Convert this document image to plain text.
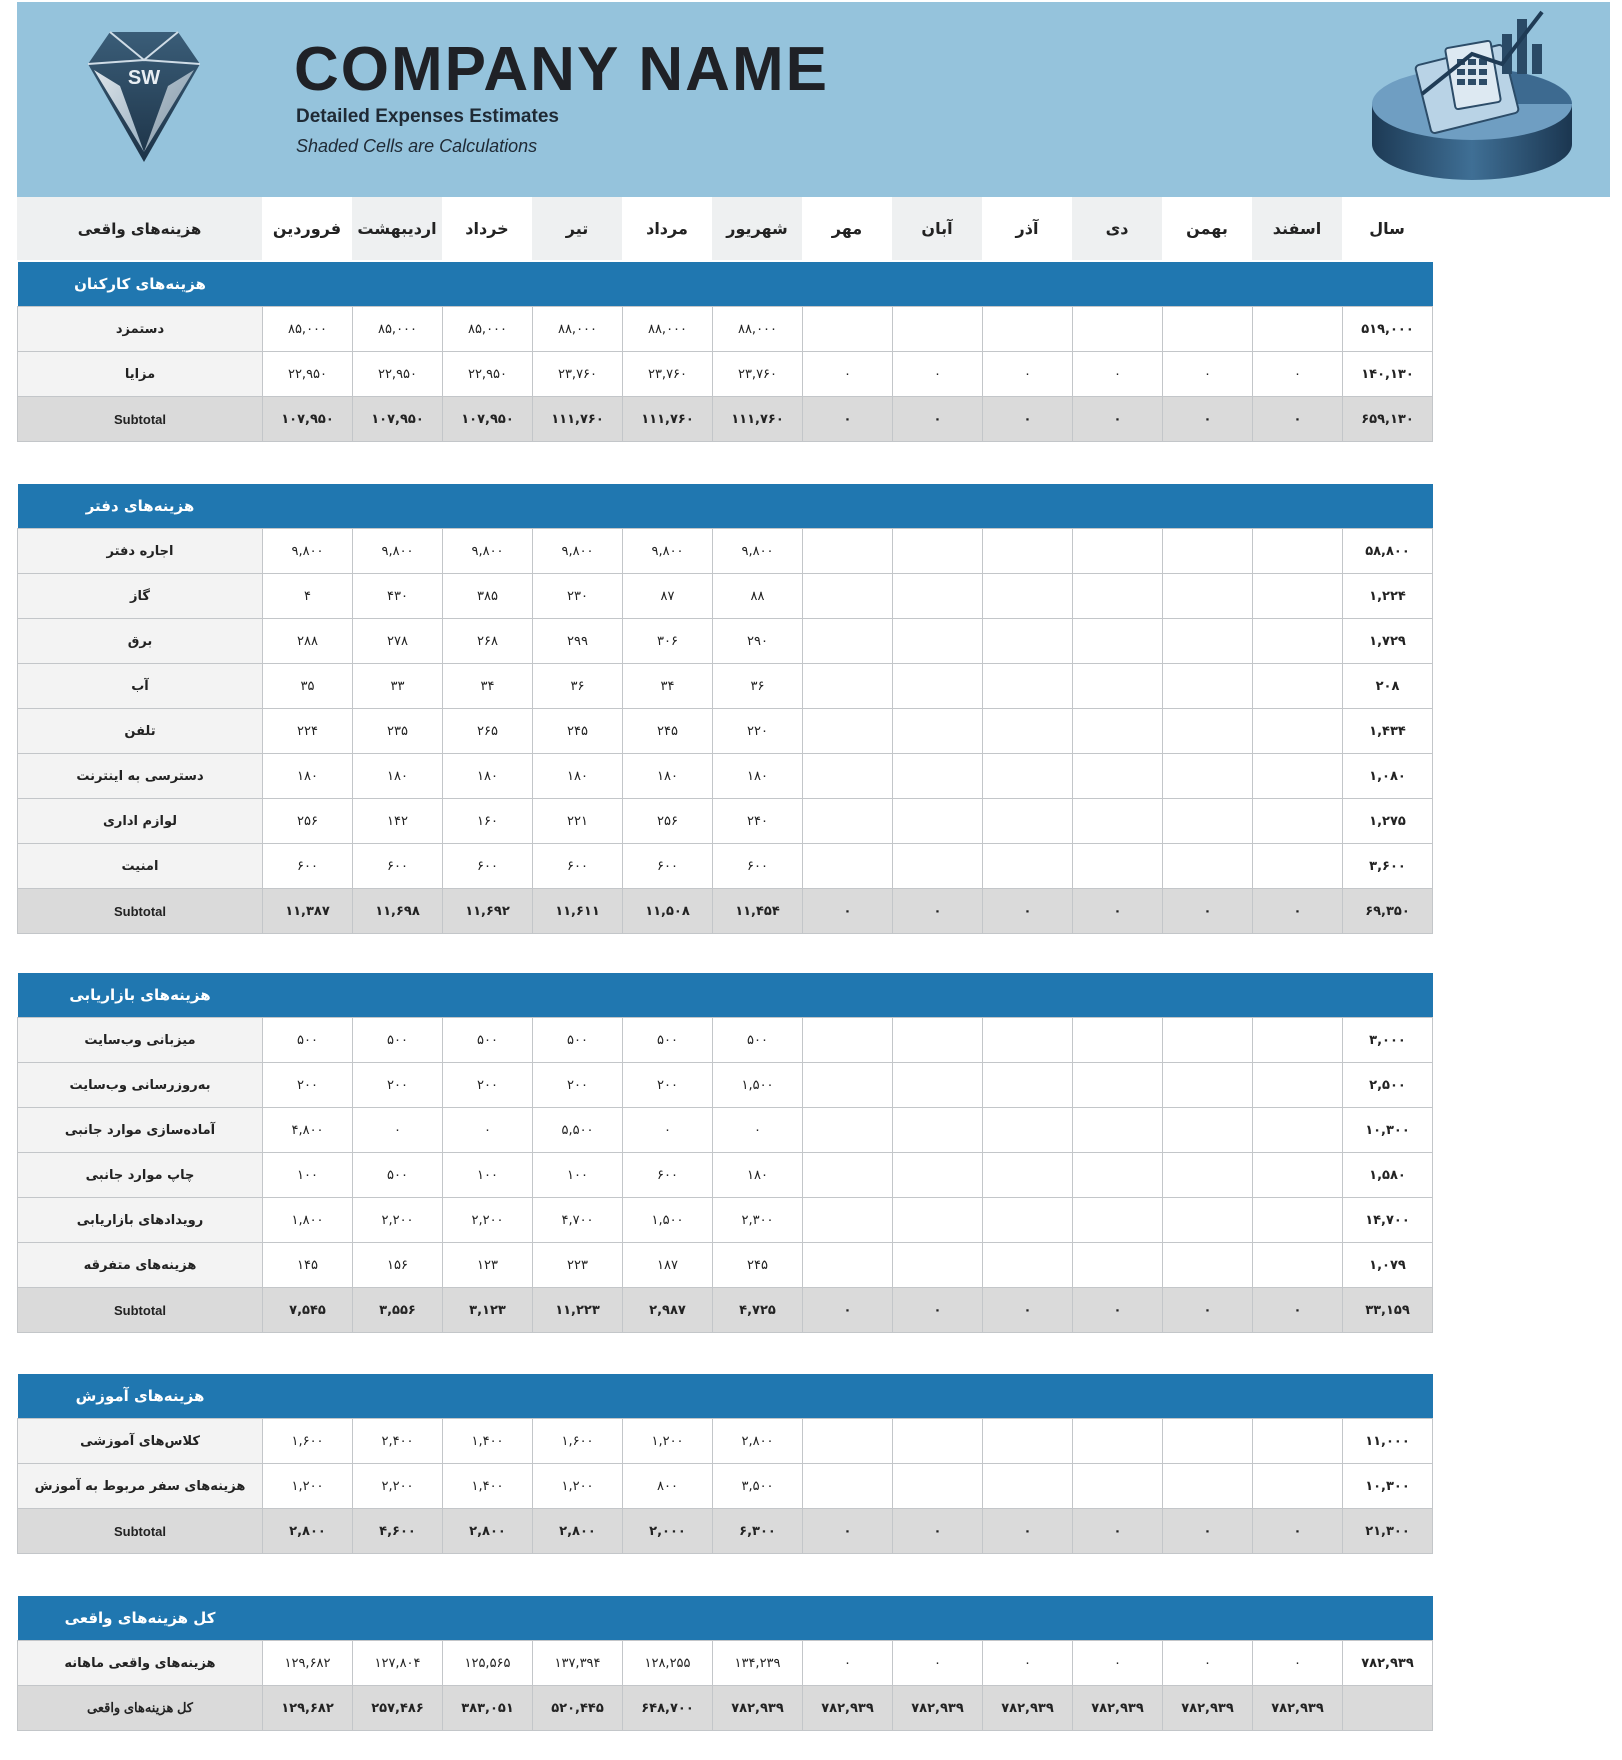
SW COMPANY NAME
Detailed Expenses Estimates
Shaded Cells are Calculations
سال	اسفند	بهمن	دی	آذر	آبان	مهر	شهریور	مرداد	تیر	خرداد	اردیبهشت	فروردین	هزینه‌های واقعی
													هزینه‌های کارکنان
۵۱۹,۰۰۰							۸۸,۰۰۰	۸۸,۰۰۰	۸۸,۰۰۰	۸۵,۰۰۰	۸۵,۰۰۰	۸۵,۰۰۰	دستمزد
۱۴۰,۱۳۰	۰	۰	۰	۰	۰	۰	۲۳,۷۶۰	۲۳,۷۶۰	۲۳,۷۶۰	۲۲,۹۵۰	۲۲,۹۵۰	۲۲,۹۵۰	مزایا
۶۵۹,۱۳۰	۰	۰	۰	۰	۰	۰	۱۱۱,۷۶۰	۱۱۱,۷۶۰	۱۱۱,۷۶۰	۱۰۷,۹۵۰	۱۰۷,۹۵۰	۱۰۷,۹۵۰	Subtotal
													هزینه‌های دفتر
۵۸,۸۰۰							۹,۸۰۰	۹,۸۰۰	۹,۸۰۰	۹,۸۰۰	۹,۸۰۰	۹,۸۰۰	اجاره دفتر
۱,۲۲۴							۸۸	۸۷	۲۳۰	۳۸۵	۴۳۰	۴	گاز
۱,۷۲۹							۲۹۰	۳۰۶	۲۹۹	۲۶۸	۲۷۸	۲۸۸	برق
۲۰۸							۳۶	۳۴	۳۶	۳۴	۳۳	۳۵	آب
۱,۴۳۴							۲۲۰	۲۴۵	۲۴۵	۲۶۵	۲۳۵	۲۲۴	تلفن
۱,۰۸۰							۱۸۰	۱۸۰	۱۸۰	۱۸۰	۱۸۰	۱۸۰	دسترسی به اینترنت
۱,۲۷۵							۲۴۰	۲۵۶	۲۲۱	۱۶۰	۱۴۲	۲۵۶	لوازم اداری
۳,۶۰۰							۶۰۰	۶۰۰	۶۰۰	۶۰۰	۶۰۰	۶۰۰	امنیت
۶۹,۳۵۰	۰	۰	۰	۰	۰	۰	۱۱,۴۵۴	۱۱,۵۰۸	۱۱,۶۱۱	۱۱,۶۹۲	۱۱,۶۹۸	۱۱,۳۸۷	Subtotal
													هزینه‌های بازاریابی
۳,۰۰۰							۵۰۰	۵۰۰	۵۰۰	۵۰۰	۵۰۰	۵۰۰	میزبانی وب‌سایت
۲,۵۰۰							۱,۵۰۰	۲۰۰	۲۰۰	۲۰۰	۲۰۰	۲۰۰	به‌روزرسانی وب‌سایت
۱۰,۳۰۰							۰	۰	۵,۵۰۰	۰	۰	۴,۸۰۰	آماده‌سازی موارد جانبی
۱,۵۸۰							۱۸۰	۶۰۰	۱۰۰	۱۰۰	۵۰۰	۱۰۰	چاپ موارد جانبی
۱۴,۷۰۰							۲,۳۰۰	۱,۵۰۰	۴,۷۰۰	۲,۲۰۰	۲,۲۰۰	۱,۸۰۰	رویدادهای بازاریابی
۱,۰۷۹							۲۴۵	۱۸۷	۲۲۳	۱۲۳	۱۵۶	۱۴۵	هزینه‌های متفرقه
۳۳,۱۵۹	۰	۰	۰	۰	۰	۰	۴,۷۲۵	۲,۹۸۷	۱۱,۲۲۳	۳,۱۲۳	۳,۵۵۶	۷,۵۴۵	Subtotal
													هزینه‌های آموزش
۱۱,۰۰۰							۲,۸۰۰	۱,۲۰۰	۱,۶۰۰	۱,۴۰۰	۲,۴۰۰	۱,۶۰۰	کلاس‌های آموزشی
۱۰,۳۰۰							۳,۵۰۰	۸۰۰	۱,۲۰۰	۱,۴۰۰	۲,۲۰۰	۱,۲۰۰	هزینه‌های سفر مربوط به آموزش
۲۱,۳۰۰	۰	۰	۰	۰	۰	۰	۶,۳۰۰	۲,۰۰۰	۲,۸۰۰	۲,۸۰۰	۴,۶۰۰	۲,۸۰۰	Subtotal
													کل هزینه‌های واقعی
۷۸۲,۹۳۹	۰	۰	۰	۰	۰	۰	۱۳۴,۲۳۹	۱۲۸,۲۵۵	۱۳۷,۳۹۴	۱۲۵,۵۶۵	۱۲۷,۸۰۴	۱۲۹,۶۸۲	هزینه‌های واقعی ماهانه
	۷۸۲,۹۳۹	۷۸۲,۹۳۹	۷۸۲,۹۳۹	۷۸۲,۹۳۹	۷۸۲,۹۳۹	۷۸۲,۹۳۹	۷۸۲,۹۳۹	۶۴۸,۷۰۰	۵۲۰,۴۴۵	۳۸۳,۰۵۱	۲۵۷,۴۸۶	۱۲۹,۶۸۲	کل هزینه‌های واقعی
